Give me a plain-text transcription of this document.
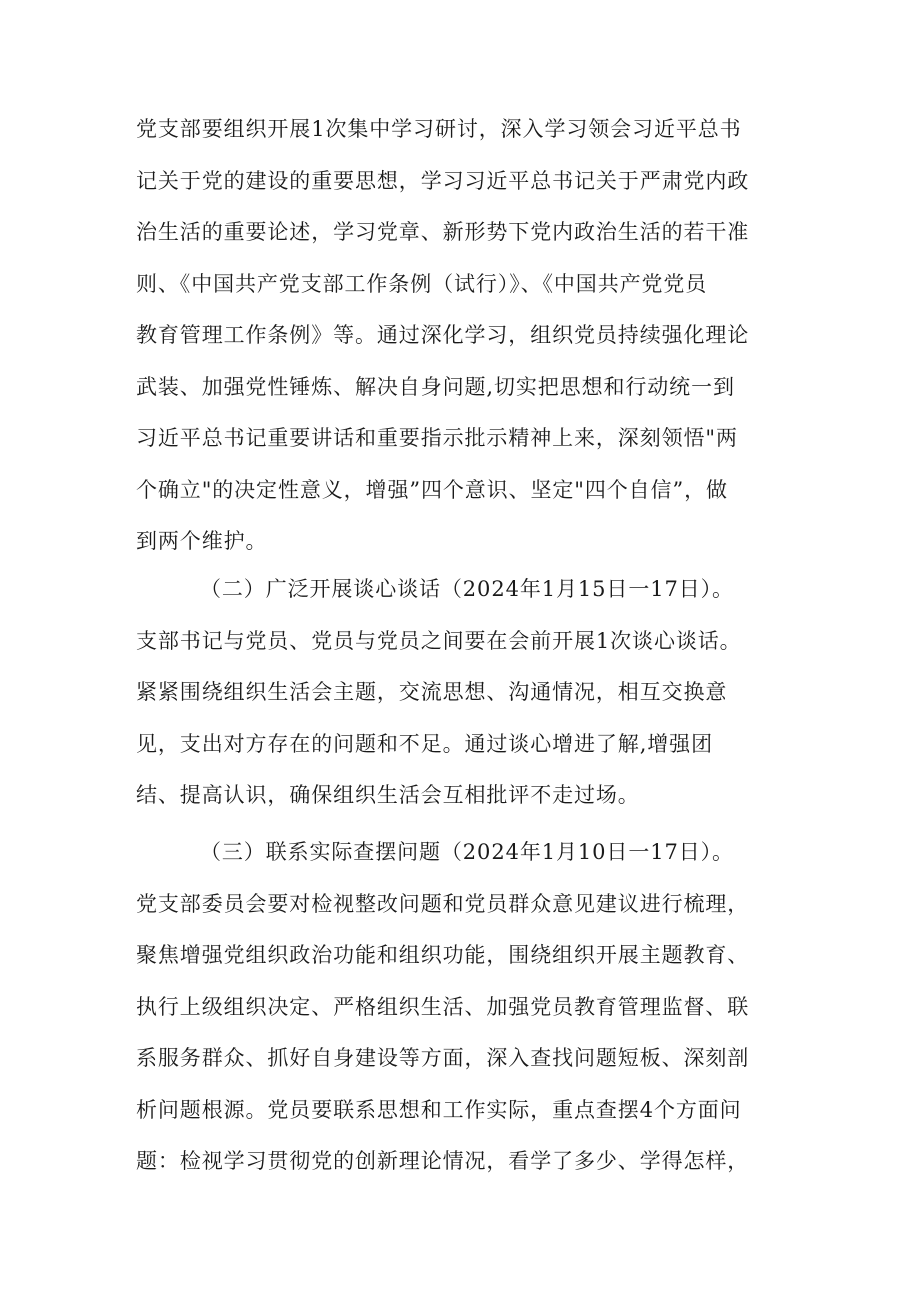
党支部要组织开展1次集中学习研讨，深入学习领会习近平总书
记关于党的建设的重要思想，学习习近平总书记关于严肃党内政
治生活的重要论述，学习党章、新形势下党内政治生活的若干准
则、《中国共产党支部工作条例（试行）》、《中国共产党党员
教育管理工作条例》等。通过深化学习，组织党员持续强化理论
武装、加强党性锤炼、解决自身问题,切实把思想和行动统一到
习近平总书记重要讲话和重要指示批示精神上来，深刻领悟"两
个确立"的决定性意义，增强”四个意识、坚定"四个自信”，做
到两个维护。
（二）广泛开展谈心谈话（2024年1月15日一17日）。
支部书记与党员、党员与党员之间要在会前开展1次谈心谈话。
紧紧围绕组织生活会主题，交流思想、沟通情况，相互交换意
见，支出对方存在的问题和不足。通过谈心增进了解,增强团
结、提高认识，确保组织生活会互相批评不走过场。
（三）联系实际查摆问题（2024年1月10日一17日）。
党支部委员会要对检视整改问题和党员群众意见建议进行梳理，
聚焦增强党组织政治功能和组织功能，围绕组织开展主题教育、
执行上级组织决定、严格组织生活、加强党员教育管理监督、联
系服务群众、抓好自身建设等方面，深入查找问题短板、深刻剖
析问题根源。党员要联系思想和工作实际，重点查摆4个方面问
题：检视学习贯彻党的创新理论情况，看学了多少、学得怎样，
